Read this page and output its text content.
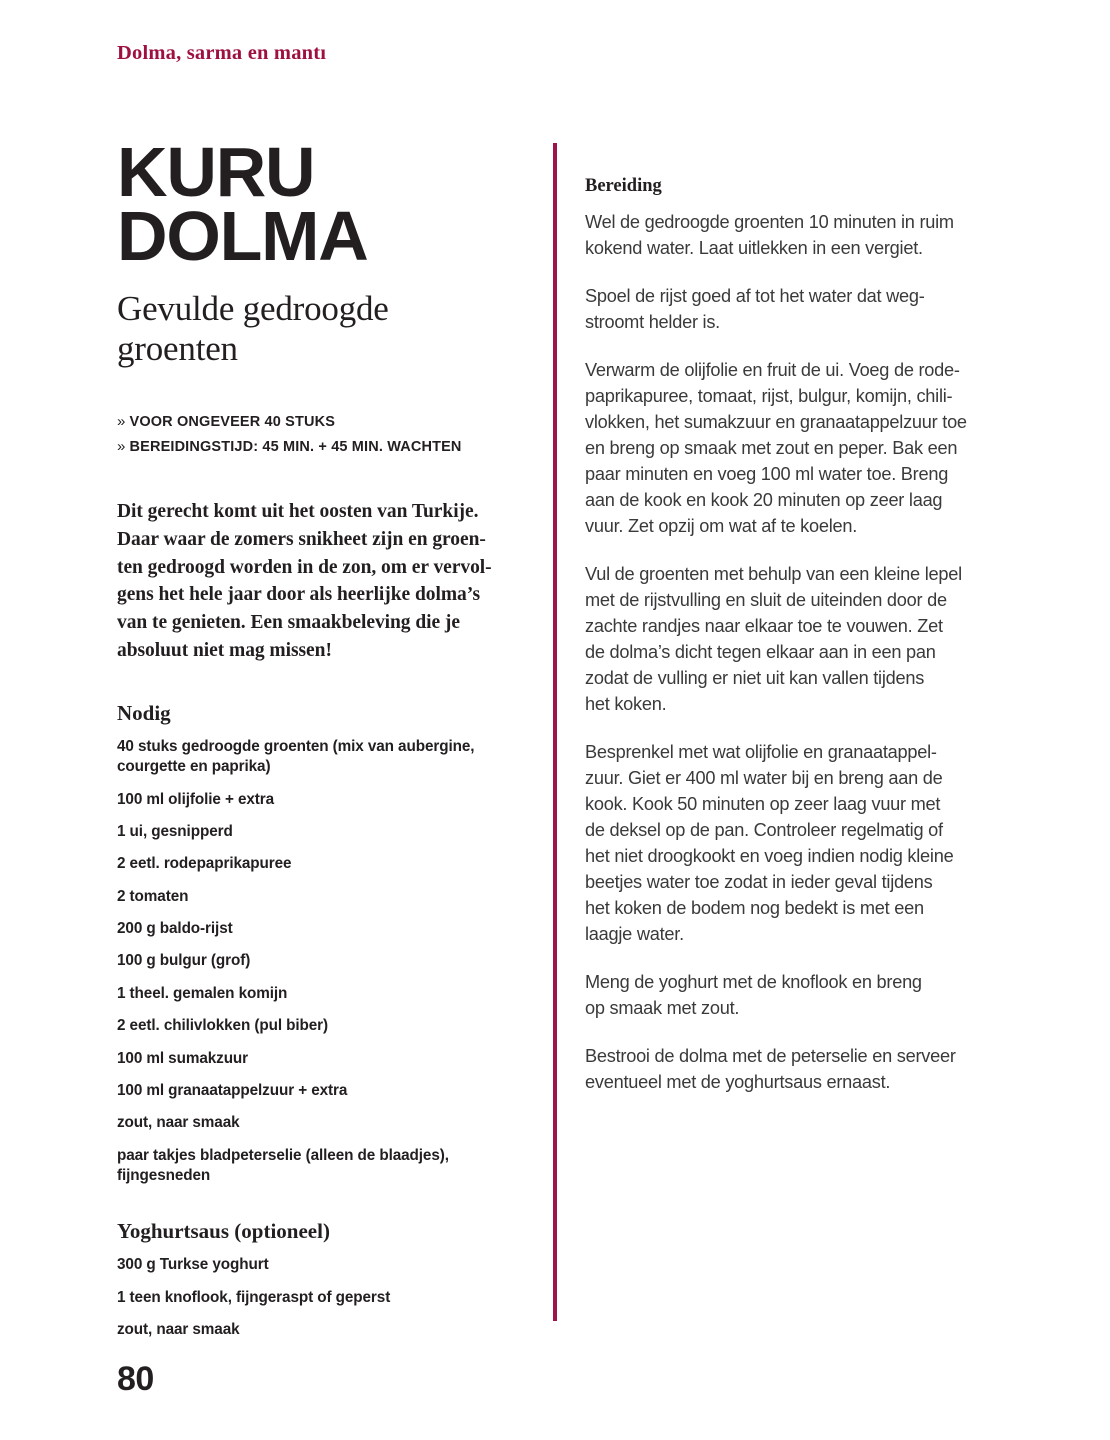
Dolma, sarma en mantı
KURU
DOLMA
Gevulde gedroogde
groenten
» VOOR ONGEVEER 40 STUKS
» BEREIDINGSTIJD: 45 MIN. + 45 MIN. WACHTEN
Dit gerecht komt uit het oosten van Turkije.
Daar waar de zomers snikheet zijn en groen-
ten gedroogd worden in de zon, om er vervol-
gens het hele jaar door als heerlijke dolma’s
van te genieten. Een smaakbeleving die je
absoluut niet mag missen!
Nodig
40 stuks gedroogde groenten (mix van aubergine,
courgette en paprika)
100 ml olijfolie + extra
1 ui, gesnipperd
2 eetl. rodepaprikapuree
2 tomaten
200 g baldo-rijst
100 g bulgur (grof)
1 theel. gemalen komijn
2 eetl. chilivlokken (pul biber)
100 ml sumakzuur
100 ml granaatappelzuur + extra
zout, naar smaak
paar takjes bladpeterselie (alleen de blaadjes),
fijngesneden
Yoghurtsaus (optioneel)
300 g Turkse yoghurt
1 teen knoflook, fijngeraspt of geperst
zout, naar smaak
Bereiding

Wel de gedroogde groenten 10 minuten in ruim
kokend water. Laat uitlekken in een vergiet.

Spoel de rijst goed af tot het water dat weg-
stroomt helder is.

Verwarm de olijfolie en fruit de ui. Voeg de rode-
paprikapuree, tomaat, rijst, bulgur, komijn, chili-
vlokken, het sumakzuur en granaatappelzuur toe
en breng op smaak met zout en peper. Bak een
paar minuten en voeg 100 ml water toe. Breng
aan de kook en kook 20 minuten op zeer laag
vuur. Zet opzij om wat af te koelen.

Vul de groenten met behulp van een kleine lepel
met de rijstvulling en sluit de uiteinden door de
zachte randjes naar elkaar toe te vouwen. Zet
de dolma’s dicht tegen elkaar aan in een pan
zodat de vulling er niet uit kan vallen tijdens
het koken.

Besprenkel met wat olijfolie en granaatappel-
zuur. Giet er 400 ml water bij en breng aan de
kook. Kook 50 minuten op zeer laag vuur met
de deksel op de pan. Controleer regelmatig of
het niet droogkookt en voeg indien nodig kleine
beetjes water toe zodat in ieder geval tijdens
het koken de bodem nog bedekt is met een
laagje water.

Meng de yoghurt met de knoflook en breng
op smaak met zout.

Bestrooi de dolma met de peterselie en serveer
eventueel met de yoghurtsaus ernaast.

80
